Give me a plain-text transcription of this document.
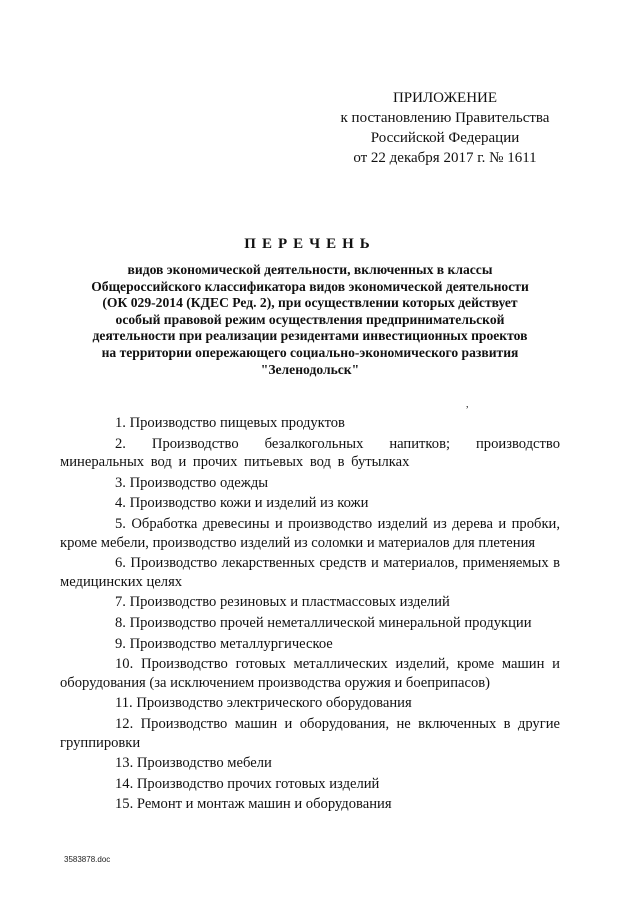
ПРИЛОЖЕНИЕ
к постановлению Правительства
Российской Федерации
от 22 декабря 2017 г. № 1611
ПЕРЕЧЕНЬ
видов экономической деятельности, включенных в классы
Общероссийского классификатора видов экономической деятельности
(ОК 029-2014 (КДЕС Ред. 2), при осуществлении которых действует
особый правовой режим осуществления предпринимательской
деятельности при реализации резидентами инвестиционных проектов
на территории опережающего социально-экономического развития
"Зеленодольск"
,
1. Производство пищевых продуктов
2. Производство безалкогольных напитков; производство минеральных вод и прочих питьевых вод в бутылках
3. Производство одежды
4. Производство кожи и изделий из кожи
5. Обработка древесины и производство изделий из дерева и пробки, кроме мебели, производство изделий из соломки и материалов для плетения
6. Производство лекарственных средств и материалов, применяемых в медицинских целях
7. Производство резиновых и пластмассовых изделий
8. Производство прочей неметаллической минеральной продукции
9. Производство металлургическое
10. Производство готовых металлических изделий, кроме машин и оборудования (за исключением производства оружия и боеприпасов)
11. Производство электрического оборудования
12. Производство машин и оборудования, не включенных в другие группировки
13. Производство мебели
14. Производство прочих готовых изделий
15. Ремонт и монтаж машин и оборудования
3583878.doc
